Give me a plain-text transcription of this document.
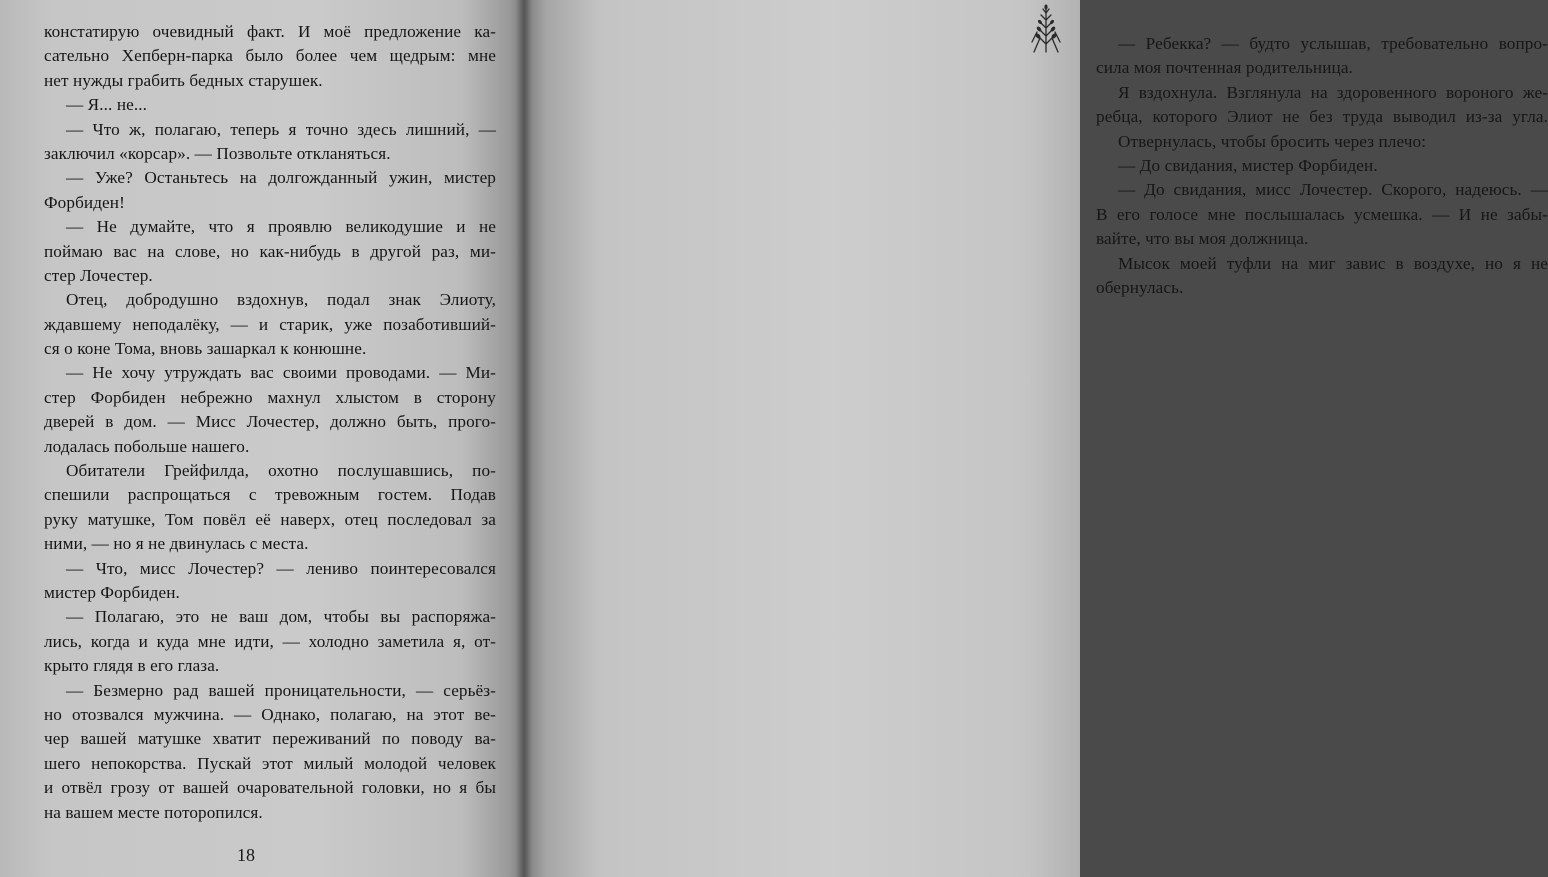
констатирую очевидный факт. И моё предложение ка-
сательно Хепберн-парка было более чем щедрым: мне
нет нужды грабить бедных старушек.
— Я... не...
— Что ж, полагаю, теперь я точно здесь лишний, —
заключил «корсар». — Позвольте откланяться.
— Уже? Останьтесь на долгожданный ужин, мистер
Форбиден!
— Не думайте, что я проявлю великодушие и не
поймаю вас на слове, но как-нибудь в другой раз, ми-
стер Лочестер.
Отец, добродушно вздохнув, подал знак Элиоту,
ждавшему неподалёку, — и старик, уже позаботивший-
ся о коне Тома, вновь зашаркал к конюшне.
— Не хочу утруждать вас своими проводами. — Ми-
стер Форбиден небрежно махнул хлыстом в сторону
дверей в дом. — Мисс Лочестер, должно быть, прого-
лодалась побольше нашего.
Обитатели Грейфилда, охотно послушавшись, по-
спешили распрощаться с тревожным гостем. Подав
руку матушке, Том повёл её наверх, отец последовал за
ними, — но я не двинулась с места.
— Что, мисс Лочестер? — лениво поинтересовался
мистер Форбиден.
— Полагаю, это не ваш дом, чтобы вы распоряжа-
лись, когда и куда мне идти, — холодно заметила я, от-
крыто глядя в его глаза.
— Безмерно рад вашей проницательности, — серьёз-
но отозвался мужчина. — Однако, полагаю, на этот ве-
чер вашей матушке хватит переживаний по поводу ва-
шего непокорства. Пускай этот милый молодой человек
и отвёл грозу от вашей очаровательной головки, но я бы
на вашем месте поторопился.
18
— Ребекка? — будто услышав, требовательно вопро-
сила моя почтенная родительница.
Я вздохнула. Взглянула на здоровенного вороного же-
ребца, которого Элиот не без труда выводил из-за угла.
Отвернулась, чтобы бросить через плечо:
— До свидания, мистер Форбиден.
— До свидания, мисс Лочестер. Скорого, надеюсь. —
В его голосе мне послышалась усмешка. — И не забы-
вайте, что вы моя должница.
Мысок моей туфли на миг завис в воздухе, но я не
обернулась.
